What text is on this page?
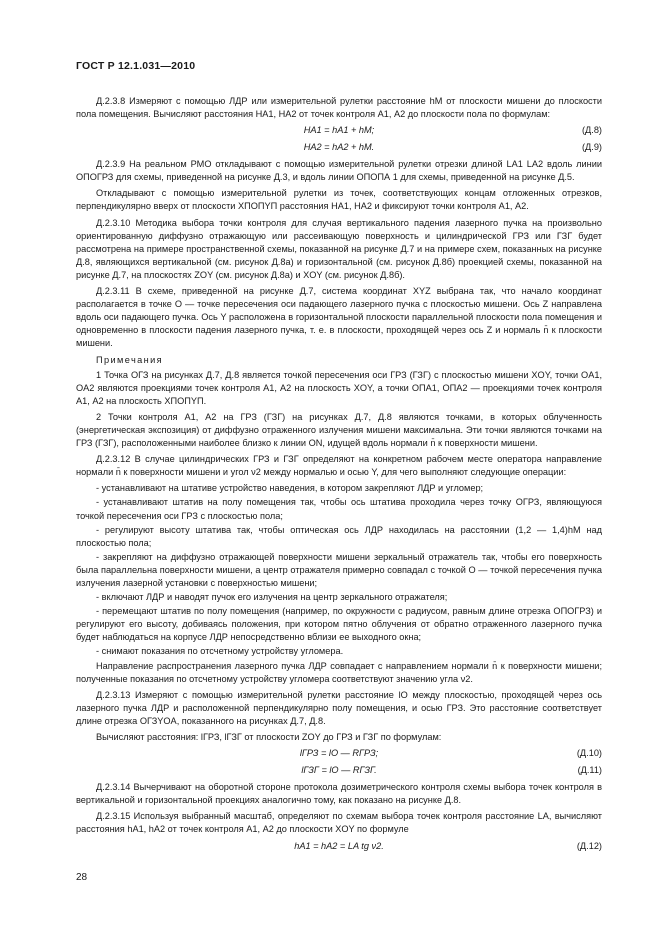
ГОСТ Р 12.1.031—2010

Д.2.3.8 Измеряют с помощью ЛДР или измерительной рулетки расстояние hМ от плоскости мишени до плоскости пола помещения. Вычисляют расстояния HA1, HA2 от точек контроля А1, А2 до плоскости пола по формулам:

HA1 = hA1 + hМ;	(Д.8)
HA2 = hA2 + hМ.	(Д.9)

Д.2.3.9 На реальном РМО откладывают с помощью измерительной рулетки отрезки длиной LA1 LA2 вдоль линии OПOГРЗ для схемы, приведенной на рисунке Д.3, и вдоль линии OПOПА 1 для схемы, приведенной на рисунке Д.5.

Откладывают с помощью измерительной рулетки из точек, соответствующих концам отложенных отрезков, перпендикулярно вверх от плоскости XПOПYП расстояния HA1, HA2 и фиксируют точки контроля А1, А2.

Д.2.3.10 Методика выбора точки контроля для случая вертикального падения лазерного пучка на произвольно ориентированную диффузно отражающую или рассеивающую поверхность и цилиндрической ГРЗ или ГЗГ будет рассмотрена на примере пространственной схемы, показанной на рисунке Д.7 и на примере схем, показанных на рисунке Д.8, являющихся вертикальной (см. рисунок Д.8а) и горизонтальной (см. рисунок Д.8б) проекцией схемы, показанной на рисунке Д.7, на плоскостях ZOY (см. рисунок Д.8а) и XOY (см. рисунок Д.8б).

Д.2.3.11 В схеме, приведенной на рисунке Д.7, система координат XYZ выбрана так, что начало координат располагается в точке О — точке пересечения оси падающего лазерного пучка с плоскостью мишени. Ось Z направлена вдоль оси падающего пучка. Ось Y расположена в горизонтальной плоскости параллельной плоскости пола помещения и одновременно в плоскости падения лазерного пучка, т. е. в плоскости, проходящей через ось Z и нормаль n̄ к плоскости мишени.

Примечания

1 Точка OГЗ на рисунках Д.7, Д.8 является точкой пересечения оси ГРЗ (ГЗГ) с плоскостью мишени XOY, точки OA1, OA2 являются проекциями точек контроля А1, А2 на плоскость XOY, а точки OПА1, OПА2 — проекциями точек контроля А1, А2 на плоскость XПOПYП.

2 Точки контроля А1, А2 на ГРЗ (ГЗГ) на рисунках Д.7, Д.8 являются точками, в которых облученность (энергетическая экспозиция) от диффузно отраженного излучения мишени максимальна. Эти точки являются точками на ГРЗ (ГЗГ), расположенными наиболее близко к линии ON, идущей вдоль нормали n̄ к поверхности мишени.

Д.2.3.12 В случае цилиндрических ГРЗ и ГЗГ определяют на конкретном рабочем месте оператора направление нормали n̄ к поверхности мишени и угол ν2 между нормалью и осью Y, для чего выполняют следующие операции:

- устанавливают на штативе устройство наведения, в котором закрепляют ЛДР и угломер;

- устанавливают штатив на полу помещения так, чтобы ось штатива проходила через точку OГРЗ, являющуюся точкой пересечения оси ГРЗ с плоскостью пола;

- регулируют высоту штатива так, чтобы оптическая ось ЛДР находилась на расстоянии (1,2 — 1,4)hМ над плоскостью пола;

- закрепляют на диффузно отражающей поверхности мишени зеркальный отражатель так, чтобы его поверхность была параллельна поверхности мишени, а центр отражателя примерно совпадал с точкой О — точкой пересечения пучка излучения лазерной установки с поверхностью мишени;

- включают ЛДР и наводят пучок его излучения на центр зеркального отражателя;

- перемещают штатив по полу помещения (например, по окружности с радиусом, равным длине отрезка OПOГРЗ) и регулируют его высоту, добиваясь положения, при котором пятно облучения от обратно отраженного лазерного пучка будет наблюдаться на корпусе ЛДР непосредственно вблизи ее выходного окна;

- снимают показания по отсчетному устройству угломера.

Направление распространения лазерного пучка ЛДР совпадает с направлением нормали n̄ к поверхности мишени; полученные показания по отсчетному устройству угломера соответствуют значению угла ν2.

Д.2.3.13 Измеряют с помощью измерительной рулетки расстояние lO между плоскостью, проходящей через ось лазерного пучка ЛДР и расположенной перпендикулярно полу помещения, и осью ГРЗ. Это расстояние соответствует длине отрезка OГЗYOA, показанного на рисунках Д.7, Д.8.

Вычисляют расстояния: lГРЗ, lГЗГ от плоскости ZOY до ГРЗ и ГЗГ по формулам:

lГРЗ = lO — RГРЗ;	(Д.10)
lГЗГ = lO — RГЗГ.	(Д.11)

Д.2.3.14 Вычерчивают на оборотной стороне протокола дозиметрического контроля схемы выбора точек контроля в вертикальной и горизонтальной проекциях аналогично тому, как показано на рисунке Д.8.

Д.2.3.15 Используя выбранный масштаб, определяют по схемам выбора точек контроля расстояние LA, вычисляют расстояния hA1, hA2 от точек контроля А1, А2 до плоскости XOY по формуле

hA1 = hA2 = LA tg ν2.	(Д.12)
28
